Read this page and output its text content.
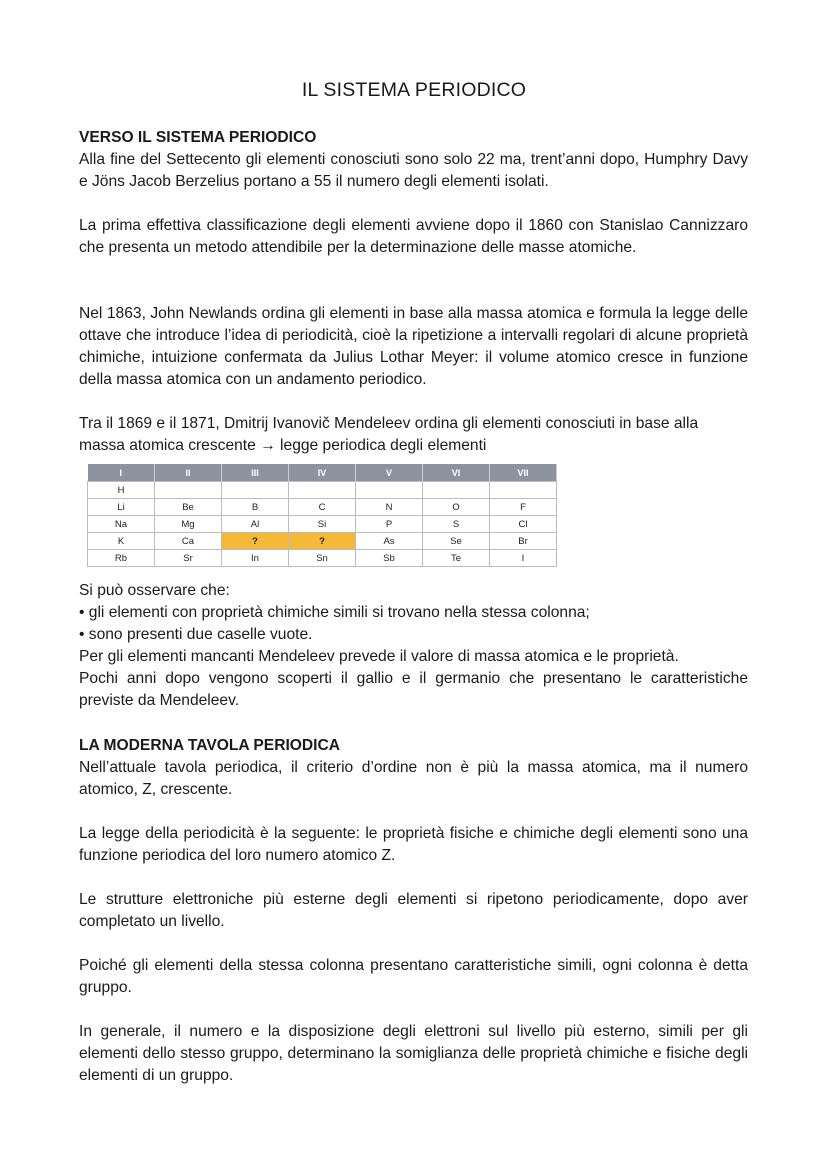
IL SISTEMA PERIODICO

VERSO IL SISTEMA PERIODICO

Alla fine del Settecento gli elementi conosciuti sono solo 22 ma, trent’anni dopo, Humphry Davy e Jöns Jacob Berzelius portano a 55 il numero degli elementi isolati.

La prima effettiva classificazione degli elementi avviene dopo il 1860 con Stanislao Cannizzaro che presenta un metodo attendibile per la determinazione delle masse atomiche.

Nel 1863, John Newlands ordina gli elementi in base alla massa atomica e formula la legge delle ottave che introduce l’idea di periodicità, cioè la ripetizione a intervalli regolari di alcune proprietà chimiche, intuizione confermata da Julius Lothar Meyer: il volume atomico cresce in funzione della massa atomica con un andamento periodico.

Tra il 1869 e il 1871, Dmitrij Ivanovič Mendeleev ordina gli elementi conosciuti in base alla massa atomica crescente → legge periodica degli elementi

I	II	III	IV	V	VI	VII
H						
Li	Be	B	C	N	O	F
Na	Mg	Al	Si	P	S	Cl
K	Ca	?	?	As	Se	Br
Rb	Sr	In	Sn	Sb	Te	I

Si può osservare che:

• gli elementi con proprietà chimiche simili si trovano nella stessa colonna;

• sono presenti due caselle vuote.

Per gli elementi mancanti Mendeleev prevede il valore di massa atomica e le proprietà.

Pochi anni dopo vengono scoperti il gallio e il germanio che presentano le caratteristiche previste da Mendeleev.

LA MODERNA TAVOLA PERIODICA

Nell’attuale tavola periodica, il criterio d’ordine non è più la massa atomica, ma il numero atomico, Z, crescente.

La legge della periodicità è la seguente: le proprietà fisiche e chimiche degli elementi sono una funzione periodica del loro numero atomico Z.

Le strutture elettroniche più esterne degli elementi si ripetono periodicamente, dopo aver completato un livello.

Poiché gli elementi della stessa colonna presentano caratteristiche simili, ogni colonna è detta gruppo.

In generale, il numero e la disposizione degli elettroni sul livello più esterno, simili per gli elementi dello stesso gruppo, determinano la somiglianza delle proprietà chimiche e fisiche degli elementi di un gruppo.
